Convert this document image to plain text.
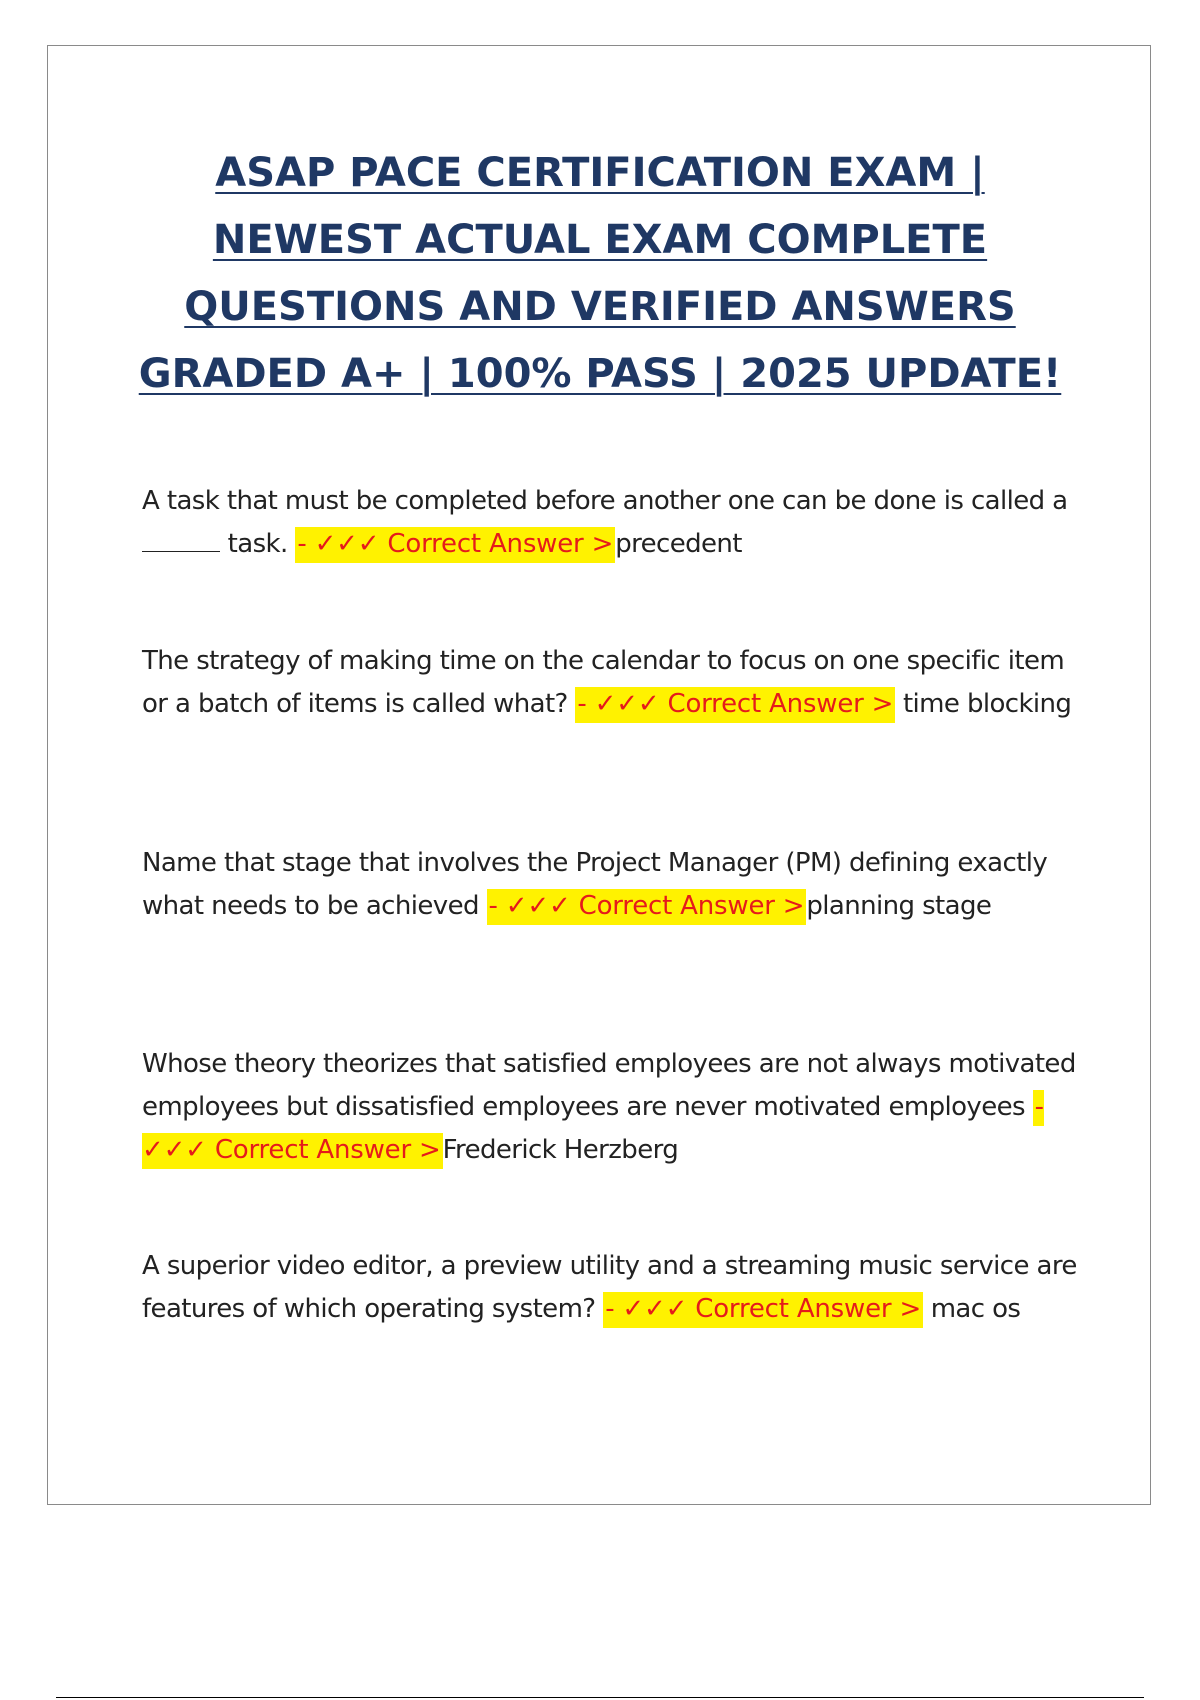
ASAP PACE CERTIFICATION EXAM |
NEWEST ACTUAL EXAM COMPLETE
QUESTIONS AND VERIFIED ANSWERS
GRADED A+ | 100% PASS | 2025 UPDATE!

A task that must be completed before another one can be done is called a  task. - ✓✓✓ Correct Answer >precedent

The strategy of making time on the calendar to focus on one specific item or a batch of items is called what? - ✓✓✓ Correct Answer > time blocking

Name that stage that involves the Project Manager (PM) defining exactly what needs to be achieved - ✓✓✓ Correct Answer >planning stage

Whose theory theorizes that satisfied employees are not always motivated employees but dissatisfied employees are never motivated employees - ✓✓✓ Correct Answer >Frederick Herzberg

A superior video editor, a preview utility and a streaming music service are features of which operating system? - ✓✓✓ Correct Answer > mac os
